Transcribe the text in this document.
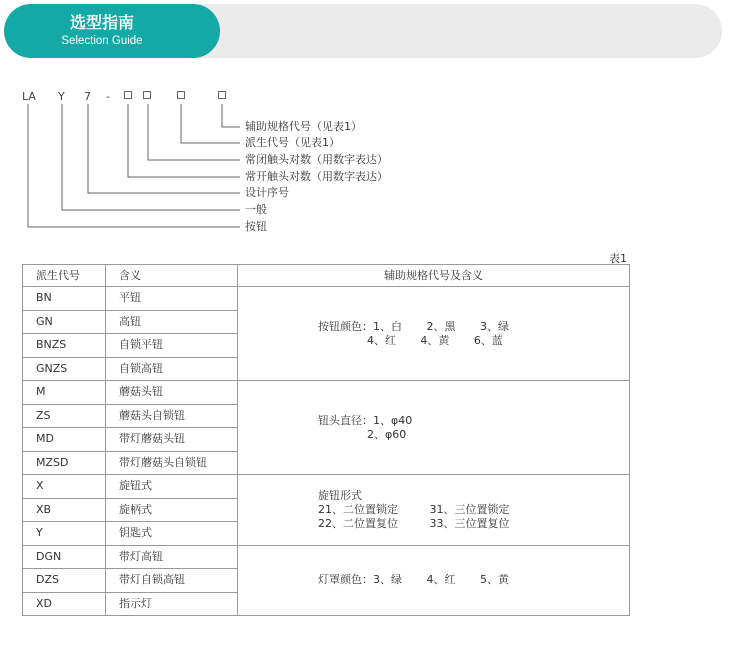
选型指南
Selection Guide
LA Y 7 -
辅助规格代号（见表1）
派生代号（见表1）
常闭触头对数（用数字表达）
常开触头对数（用数字表达）
设计序号
一般
按钮
表1
派生代号	含义	辅助规格代号及含义
BN	平钮	按钮颜色：1、白       2、黑       3、绿
4、红       4、黄       6、蓝

GN	高钮	
BNZS	自锁平钮	
GNZS	自锁高钮	
M	蘑菇头钮	钮头直径：1、φ40
2、φ60

ZS	蘑菇头自锁钮	
MD	带灯蘑菇头钮	
MZSD	带灯蘑菇头自锁钮	
X	旋钮式	旋钮形式
21、二位置锁定         31、三位置锁定
22、二位置复位         33、三位置复位

XB	旋柄式	
Y	钥匙式	
DGN	带灯高钮	灯罩颜色：3、绿       4、红       5、黄

DZS	带灯自锁高钮	
XD	指示灯	
